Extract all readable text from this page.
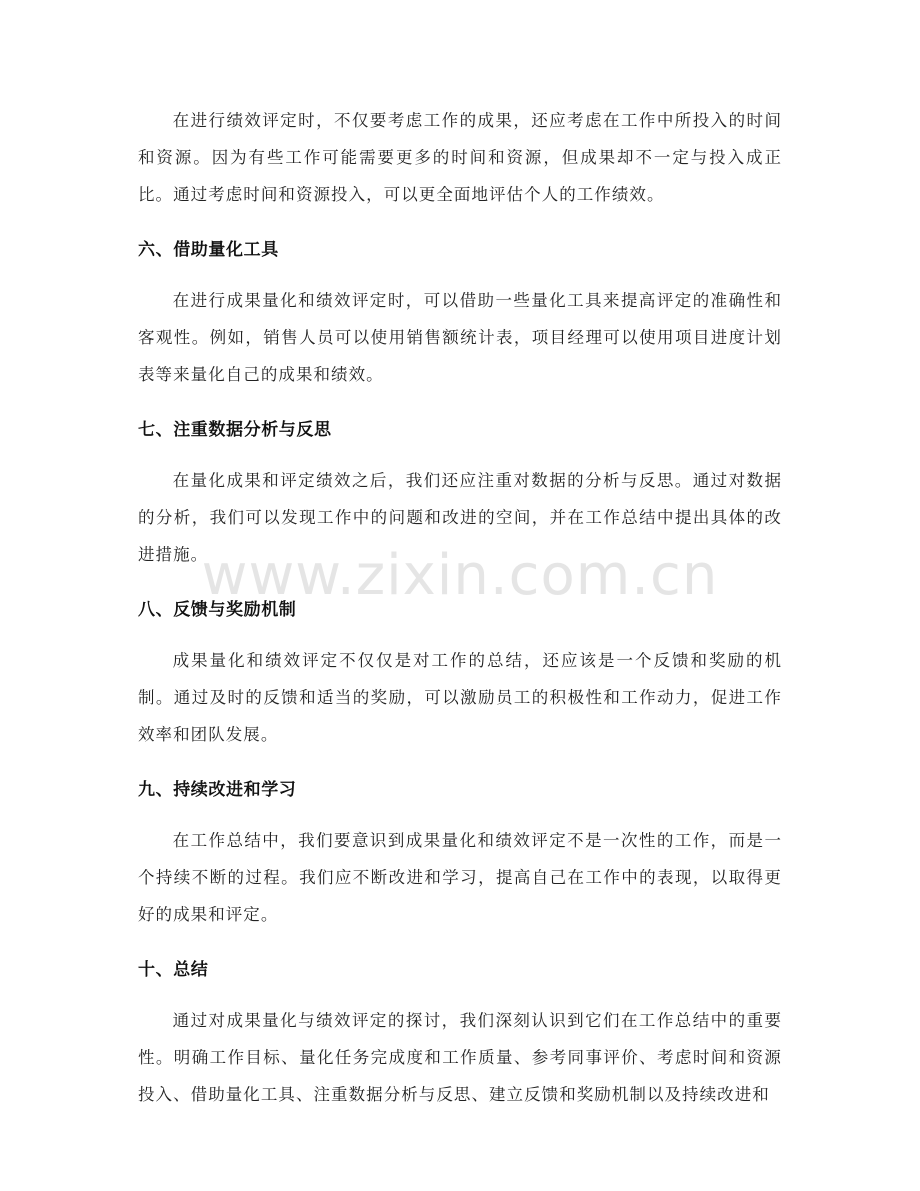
在进行绩效评定时，不仅要考虑工作的成果，还应考虑在工作中所投入的时间和资源。因为有些工作可能需要更多的时间和资源，但成果却不一定与投入成正比。通过考虑时间和资源投入，可以更全面地评估个人的工作绩效。

六、借助量化工具

在进行成果量化和绩效评定时，可以借助一些量化工具来提高评定的准确性和客观性。例如，销售人员可以使用销售额统计表，项目经理可以使用项目进度计划表等来量化自己的成果和绩效。

七、注重数据分析与反思

在量化成果和评定绩效之后，我们还应注重对数据的分析与反思。通过对数据的分析，我们可以发现工作中的问题和改进的空间，并在工作总结中提出具体的改进措施。

八、反馈与奖励机制

成果量化和绩效评定不仅仅是对工作的总结，还应该是一个反馈和奖励的机制。通过及时的反馈和适当的奖励，可以激励员工的积极性和工作动力，促进工作效率和团队发展。

九、持续改进和学习

在工作总结中，我们要意识到成果量化和绩效评定不是一次性的工作，而是一个持续不断的过程。我们应不断改进和学习，提高自己在工作中的表现，以取得更好的成果和评定。

十、总结

通过对成果量化与绩效评定的探讨，我们深刻认识到它们在工作总结中的重要性。明确工作目标、量化任务完成度和工作质量、参考同事评价、考虑时间和资源投入、借助量化工具、注重数据分析与反思、建立反馈和奖励机制以及持续改进和

www.zixin.com.cn
